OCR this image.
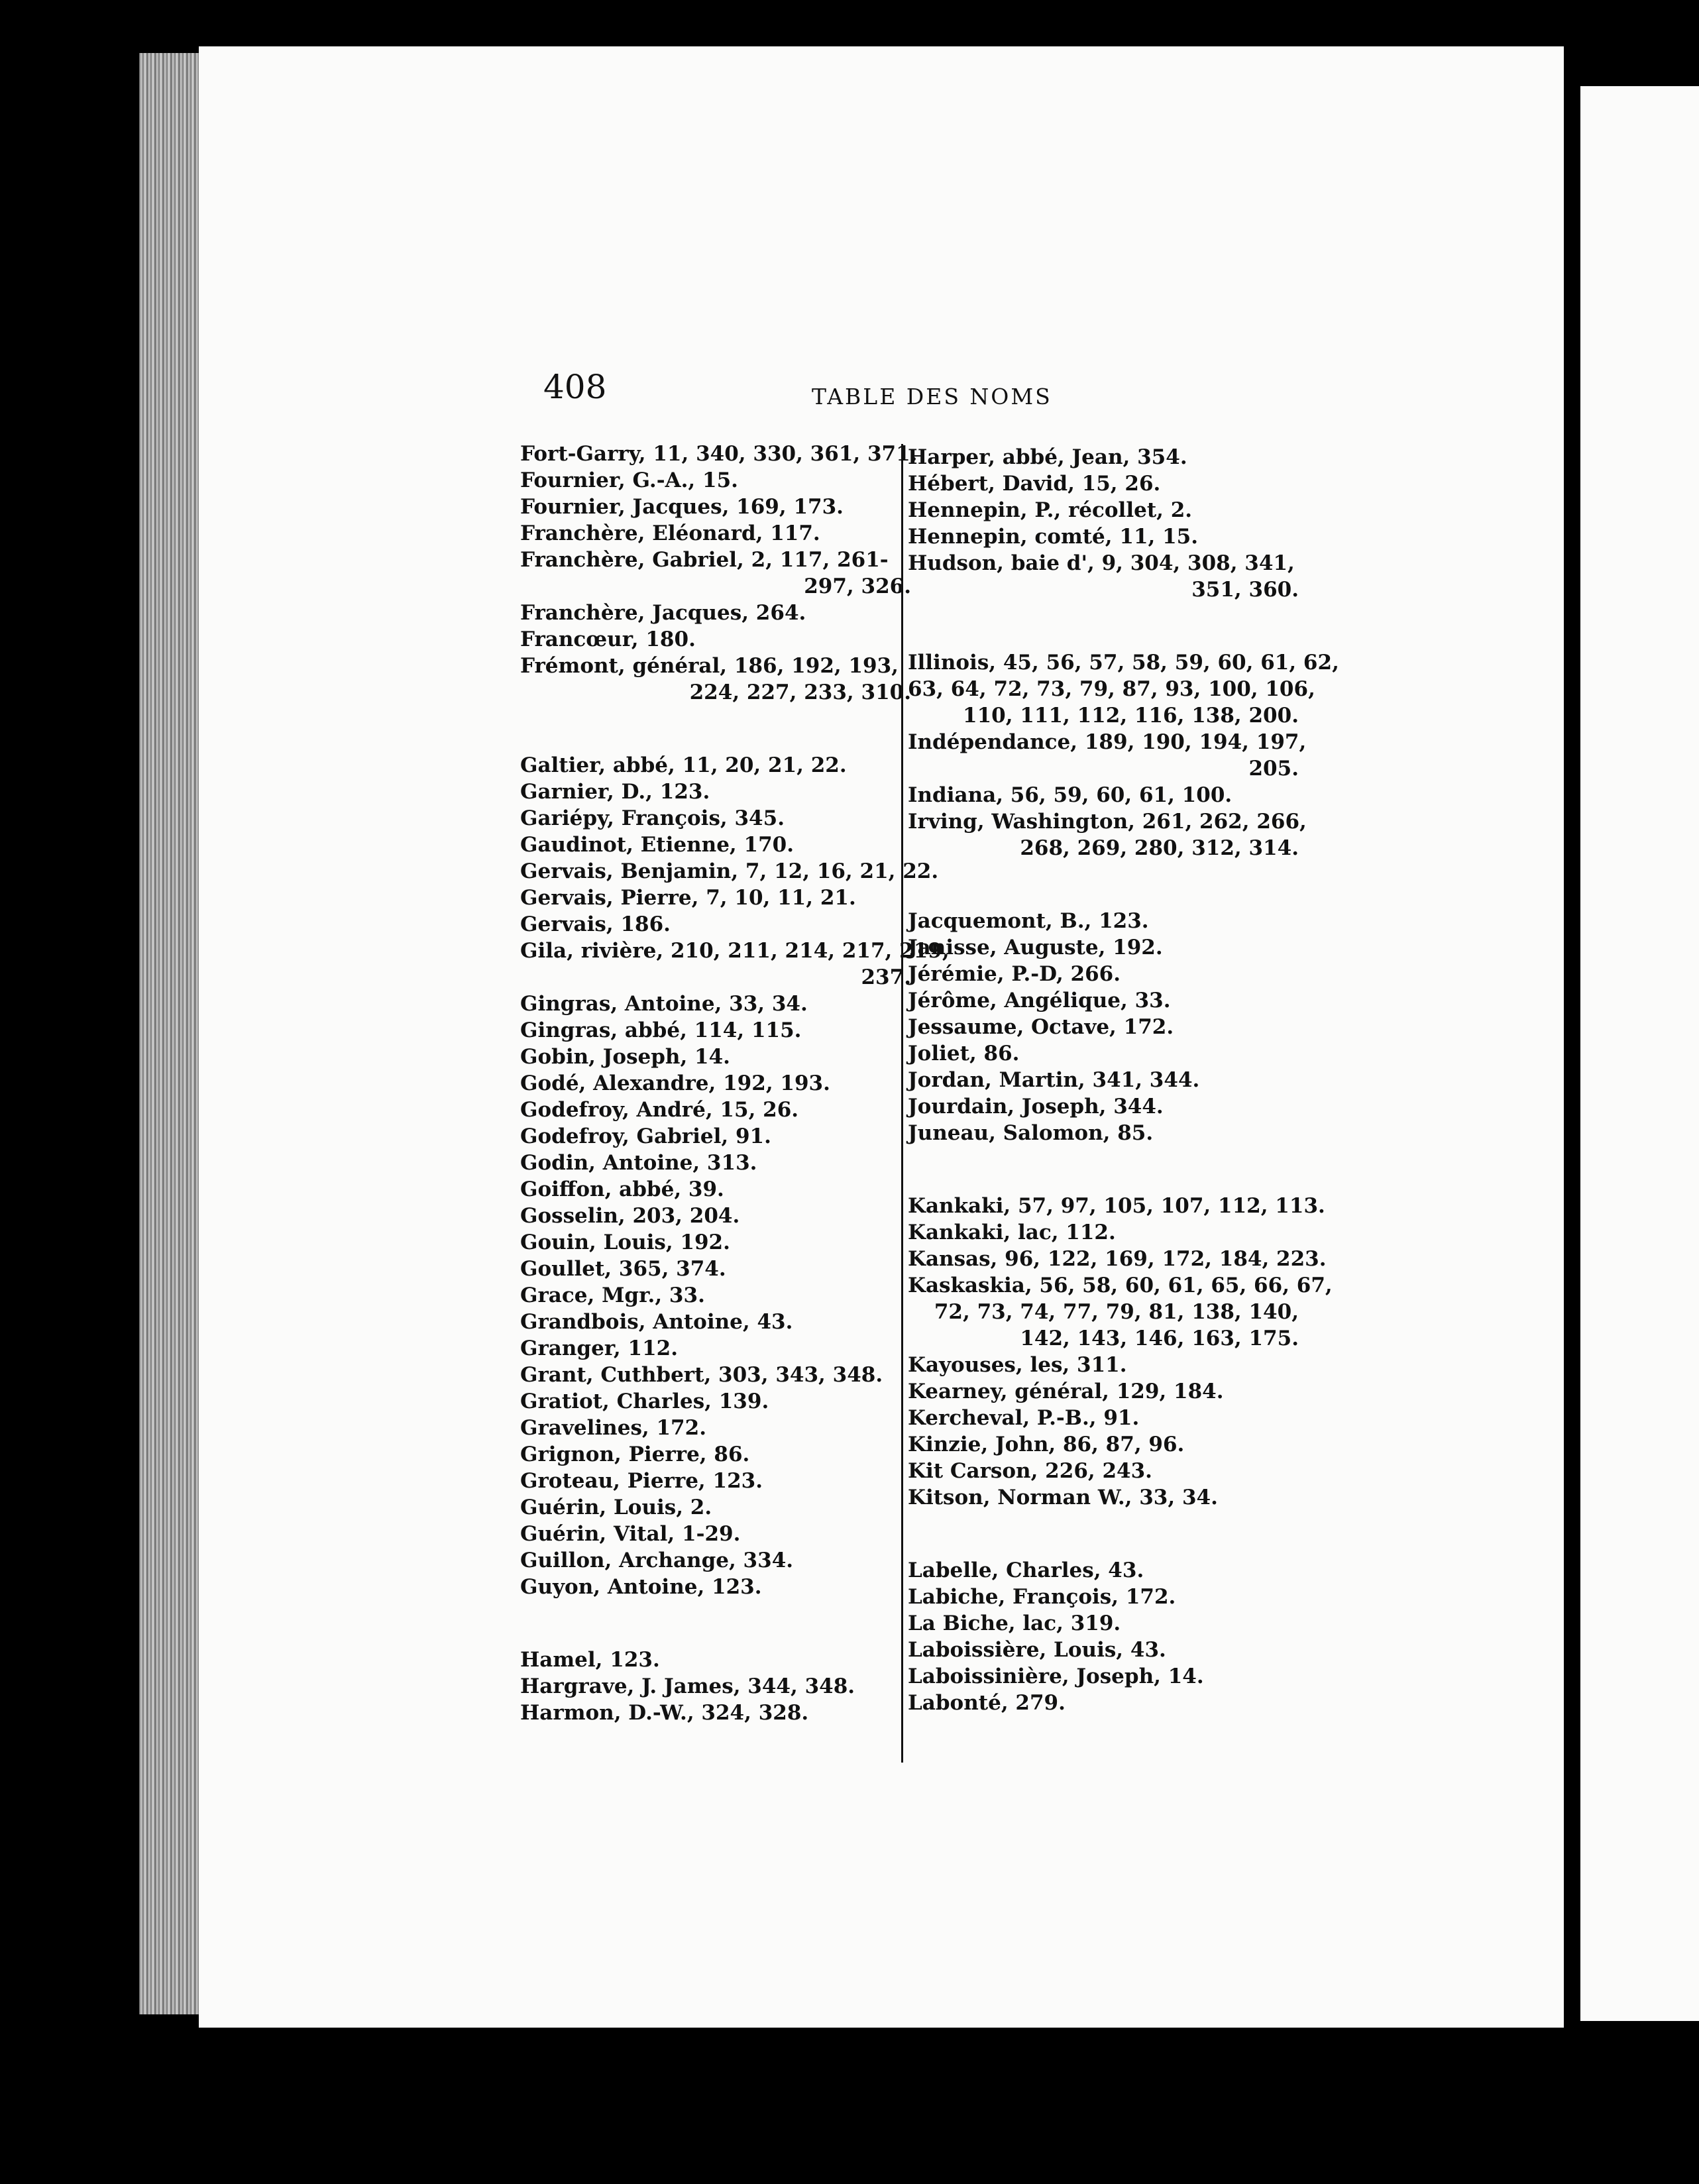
408	TABLE DES NOMS
Fort-Garry, 11, 340, 330, 361, 371.
Fournier, G.-A., 15.
Fournier, Jacques, 169, 173.
Franchère, Eléonard, 117.
Franchère, Gabriel, 2, 117, 261-
297, 326.
Franchère, Jacques, 264.
Francœur, 180.
Frémont, général, 186, 192, 193,
224, 227, 233, 310.
Galtier, abbé, 11, 20, 21, 22.
Garnier, D., 123.
Gariépy, François, 345.
Gaudinot, Etienne, 170.
Gervais, Benjamin, 7, 12, 16, 21, 22.
Gervais, Pierre, 7, 10, 11, 21.
Gervais, 186.
Gila, rivière, 210, 211, 214, 217, 219,
237.
Gingras, Antoine, 33, 34.
Gingras, abbé, 114, 115.
Gobin, Joseph, 14.
Godé, Alexandre, 192, 193.
Godefroy, André, 15, 26.
Godefroy, Gabriel, 91.
Godin, Antoine, 313.
Goiffon, abbé, 39.
Gosselin, 203, 204.
Gouin, Louis, 192.
Goullet, 365, 374.
Grace, Mgr., 33.
Grandbois, Antoine, 43.
Granger, 112.
Grant, Cuthbert, 303, 343, 348.
Gratiot, Charles, 139.
Gravelines, 172.
Grignon, Pierre, 86.
Groteau, Pierre, 123.
Guérin, Louis, 2.
Guérin, Vital, 1-29.
Guillon, Archange, 334.
Guyon, Antoine, 123.
Hamel, 123.
Hargrave, J. James, 344, 348.
Harmon, D.-W., 324, 328.
Harper, abbé, Jean, 354.
Hébert, David, 15, 26.
Hennepin, P., récollet, 2.
Hennepin, comté, 11, 15.
Hudson, baie d', 9, 304, 308, 341,
351, 360.
Illinois, 45, 56, 57, 58, 59, 60, 61, 62,
63, 64, 72, 73, 79, 87, 93, 100, 106,
110, 111, 112, 116, 138, 200.
Indépendance, 189, 190, 194, 197,
205.
Indiana, 56, 59, 60, 61, 100.
Irving, Washington, 261, 262, 266,
268, 269, 280, 312, 314.
Jacquemont, B., 123.
Janisse, Auguste, 192.
Jérémie, P.-D, 266.
Jérôme, Angélique, 33.
Jessaume, Octave, 172.
Joliet, 86.
Jordan, Martin, 341, 344.
Jourdain, Joseph, 344.
Juneau, Salomon, 85.
Kankaki, 57, 97, 105, 107, 112, 113.
Kankaki, lac, 112.
Kansas, 96, 122, 169, 172, 184, 223.
Kaskaskia, 56, 58, 60, 61, 65, 66, 67,
72, 73, 74, 77, 79, 81, 138, 140,
142, 143, 146, 163, 175.
Kayouses, les, 311.
Kearney, général, 129, 184.
Kercheval, P.-B., 91.
Kinzie, John, 86, 87, 96.
Kit Carson, 226, 243.
Kitson, Norman W., 33, 34.
Labelle, Charles, 43.
Labiche, François, 172.
La Biche, lac, 319.
Laboissière, Louis, 43.
Laboissinière, Joseph, 14.
Labonté, 279.
